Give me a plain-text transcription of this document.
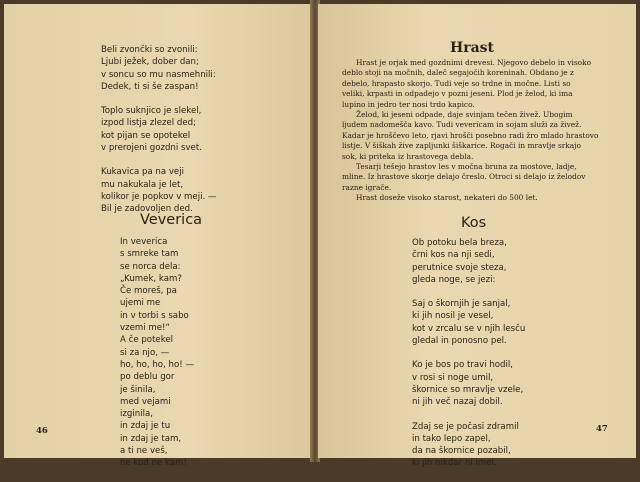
Beli zvončki so zvonili:
Ljubi ježek, dober dan;
v soncu so mu nasmehnili:
Dedek, ti si še zaspan!
Toplo suknjico je slekel,
izpod listja zlezel ded;
kot pijan se opotekel
v prerojeni gozdni svet.
Kukavica pa na veji
mu nakukala je let,
kolikor je popkov v meji. —
Bil je zadovoljen ded.
Veverica
In veverica
s smreke tam
se norca dela:
„Kumek, kam?
Če moreš, pa
ujemi me
in v torbi s sabo
vzemi me!“
A če potekel
si za njo, —
ho, ho, ho, ho! —
po deblu gor
je šinila,
med vejami
izginila,
in zdaj je tu
in zdaj je tam,
a ti ne veš,
ne kod ne kam!
46
Hrast
Hrast je orjak med gozdnimi drevesi. Njegovo debelo in visoko
deblo stoji na močnih, daleč segajočih koreninah. Obdano je z
debelo, hrapasto skorjo. Tudi veje so trdne in močne. Listi so
veliki, krpasti in odpadejo v pozni jeseni. Plod je želod, ki ima
lupino in jedro ter nosi trdo kapico.
Želod, ki jeseni odpade, daje svinjam tečen živež. Ubogim
ljudem nadomešča kavo. Tudi veverícam in sojam služi za živež.
Kadar je hroščevo leto, rjavi hrošči posebno radi žro mlado hrastovo
listje. V šiškah žive zapljunki šiškarice. Rogači in mravlje srkajo
sok, ki priteka iz hrastovega debla.
Tesarji tešejo hrastov les v močna bruna za mostove, ladje,
mline. Iz hrastove skorje delajo čreslo. Otroci si delajo iz želodov
razne igrače.
Hrast doseže visoko starost, nekateri do 500 let.
Kos
Ob potoku bela breza,
črni kos na nji sedi,
perutnice svoje steza,
gleda noge, se jezi:
Saj o škornjih je sanjal,
ki jih nosil je vesel,
kot v zrcalu se v njih lesču
gledal in ponosno pel.
Ko je bos po travi hodil,
v rosi si noge umil,
škornice so mravlje vzele,
ni jih več nazaj dobil.
Zdaj se je počasi zdramil
in tako lepo zapel,
da na škornice pozabil,
ki jih nikdar ni imel.
47
